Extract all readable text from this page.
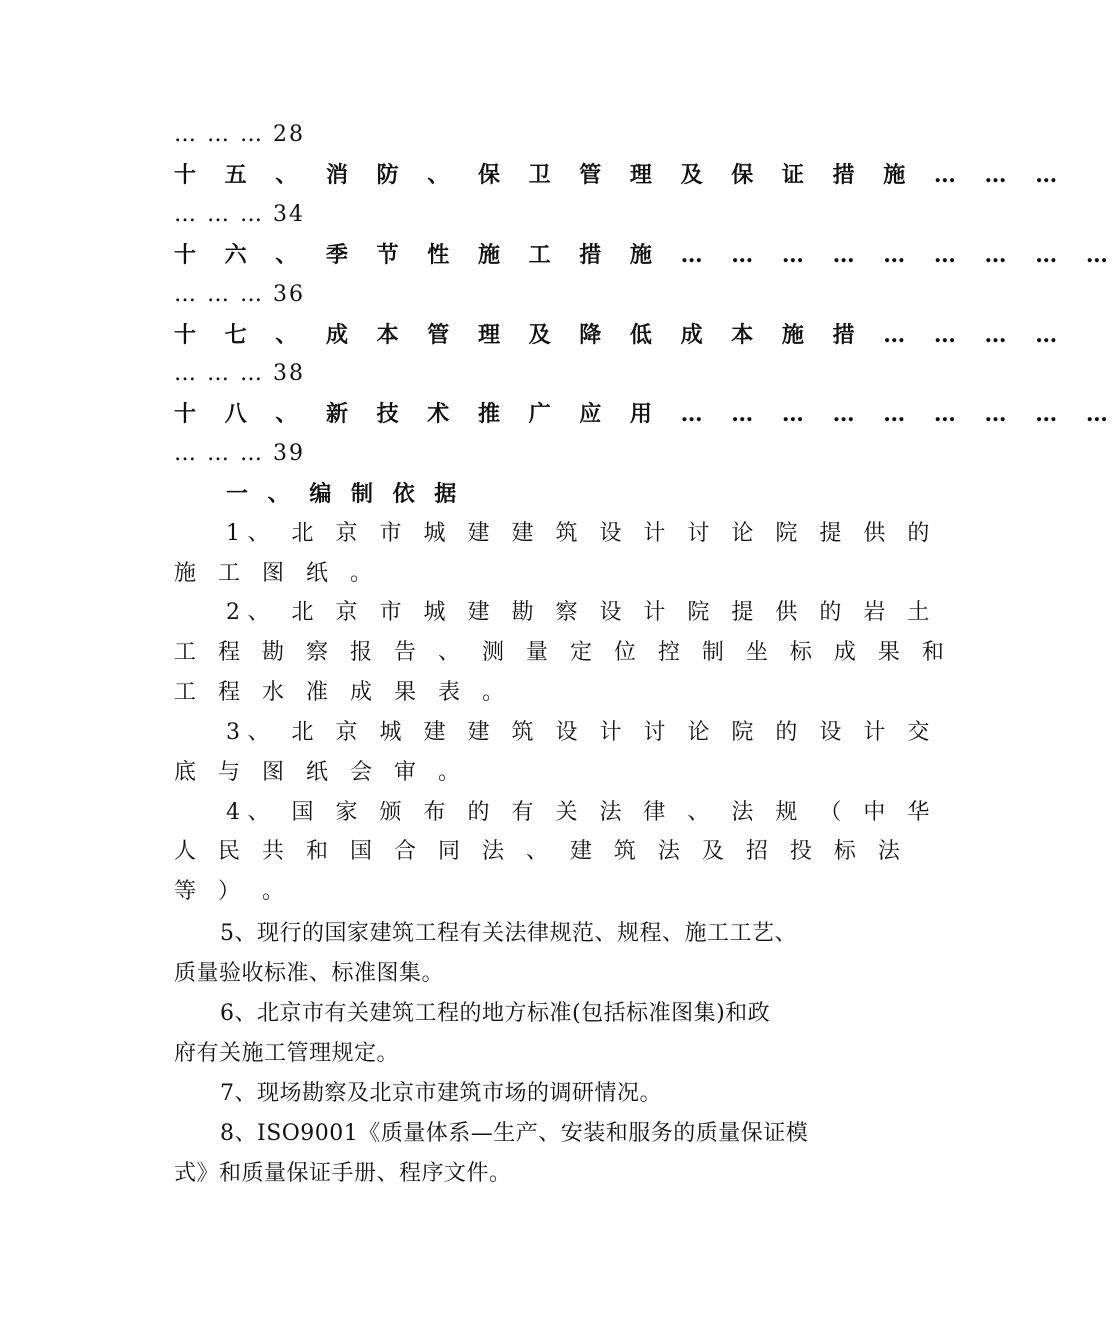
… … … 28
十 五 、 消 防 、 保 卫 管 理 及 保 证 措 施 … … …
… … … 34
十 六 、 季 节 性 施 工 措 施 … … … … … … … … …
… … … 36
十 七 、 成 本 管 理 及 降 低 成 本 施 措 … … … …
… … … 38
十 八 、 新 技 术 推 广 应 用 … … … … … … … … …
… … … 39
一 、 编 制 依 据
1、 北 京 市 城 建 建 筑 设 计 讨 论 院 提 供 的
施 工 图 纸 。
2、 北 京 市 城 建 勘 察 设 计 院 提 供 的 岩 土
工 程 勘 察 报 告 、 测 量 定 位 控 制 坐 标 成 果 和
工 程 水 准 成 果 表 。
3、 北 京 城 建 建 筑 设 计 讨 论 院 的 设 计 交
底 与 图 纸 会 审 。
4、 国 家 颁 布 的 有 关 法 律 、 法 规 （ 中 华
人 民 共 和 国 合 同 法 、 建 筑 法 及 招 投 标 法
等 ） 。
5、现行的国家建筑工程有关法律规范、规程、施工工艺、
质量验收标准、标准图集。
6、北京市有关建筑工程的地方标准(包括标准图集)和政
府有关施工管理规定。
7、现场勘察及北京市建筑市场的调研情况。
8、ISO9001《质量体系—生产、安装和服务的质量保证模
式》和质量保证手册、程序文件。
